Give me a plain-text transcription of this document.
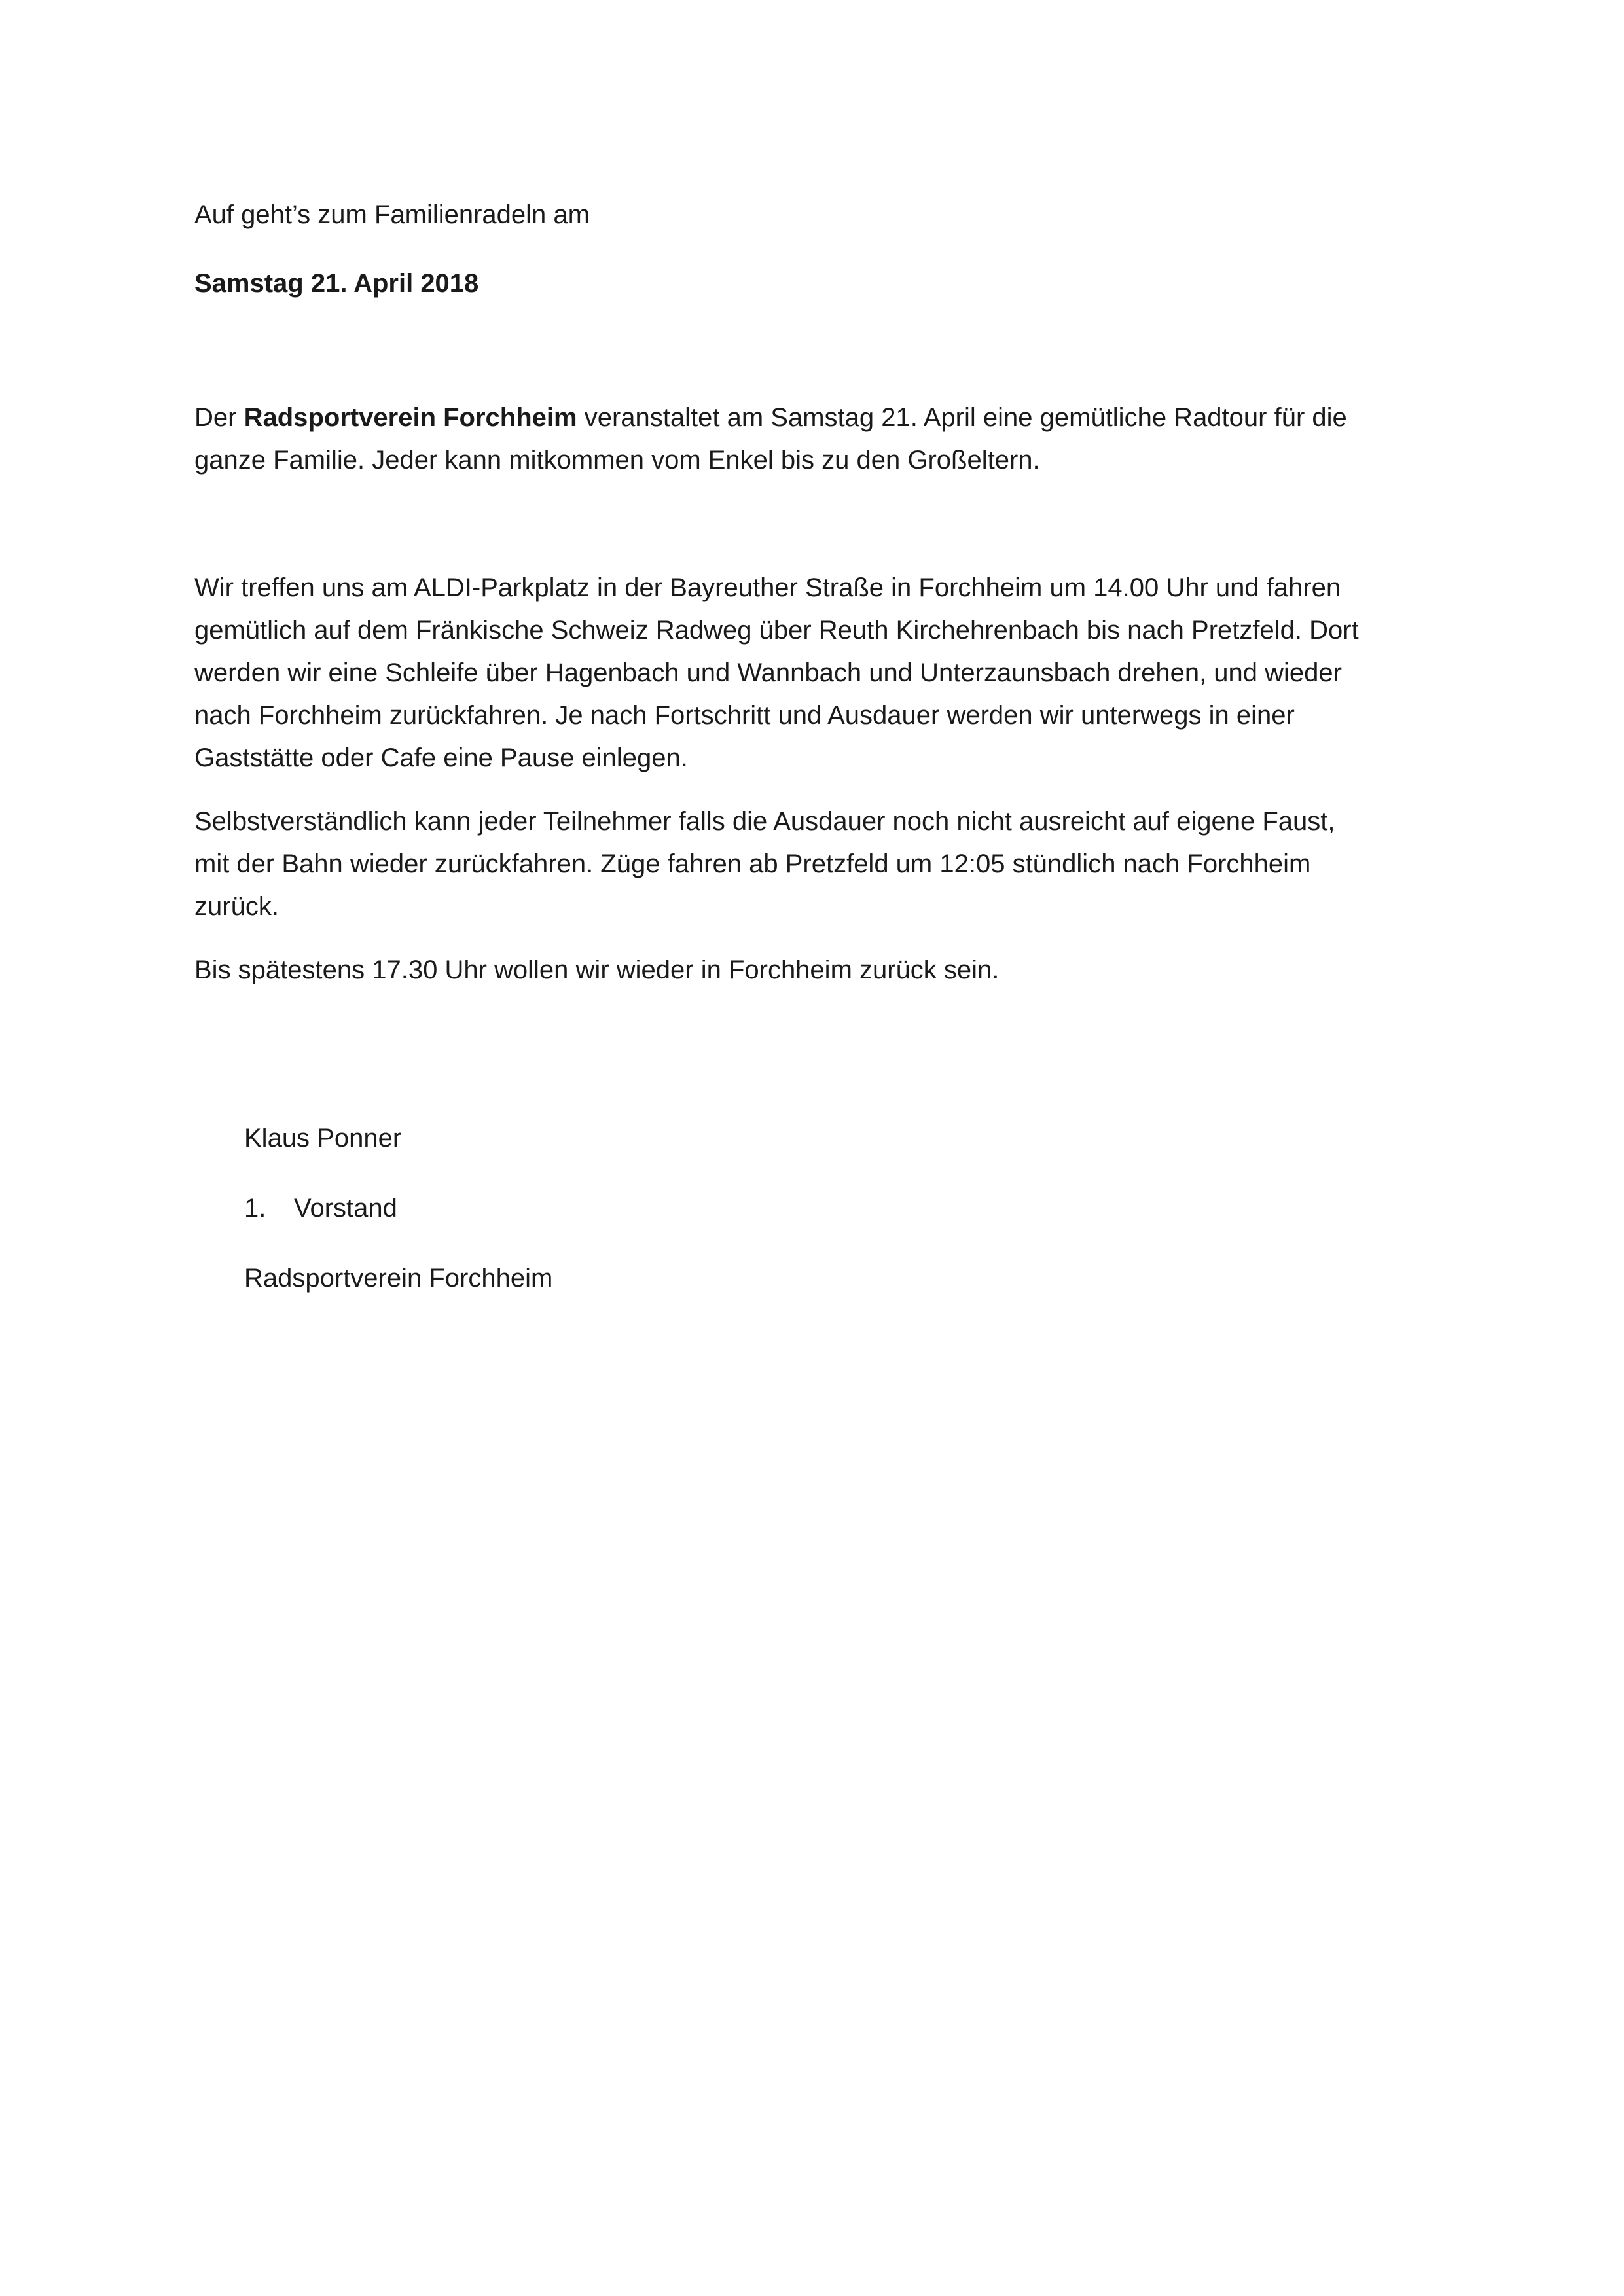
Auf geht’s zum Familienradeln am

Samstag 21. April 2018

Der Radsportverein Forchheim veranstaltet am Samstag 21. April eine gemütliche Radtour für die

ganze Familie. Jeder kann mitkommen vom Enkel bis zu den Großeltern.

Wir treffen uns am ALDI-Parkplatz in der Bayreuther Straße in Forchheim um 14.00 Uhr und fahren

gemütlich auf dem Fränkische Schweiz Radweg über Reuth Kirchehrenbach bis nach Pretzfeld. Dort

werden wir eine Schleife über Hagenbach und Wannbach und Unterzaunsbach drehen, und wieder

nach Forchheim zurückfahren. Je nach Fortschritt und Ausdauer werden wir unterwegs in einer

Gaststätte oder Cafe eine Pause einlegen.

Selbstverständlich kann jeder Teilnehmer falls die Ausdauer noch nicht ausreicht auf eigene Faust,

mit der Bahn wieder zurückfahren. Züge fahren ab Pretzfeld um 12:05 stündlich nach Forchheim

zurück.

Bis spätestens 17.30 Uhr wollen wir wieder in Forchheim zurück sein.

Klaus Ponner

1. Vorstand

Radsportverein Forchheim
